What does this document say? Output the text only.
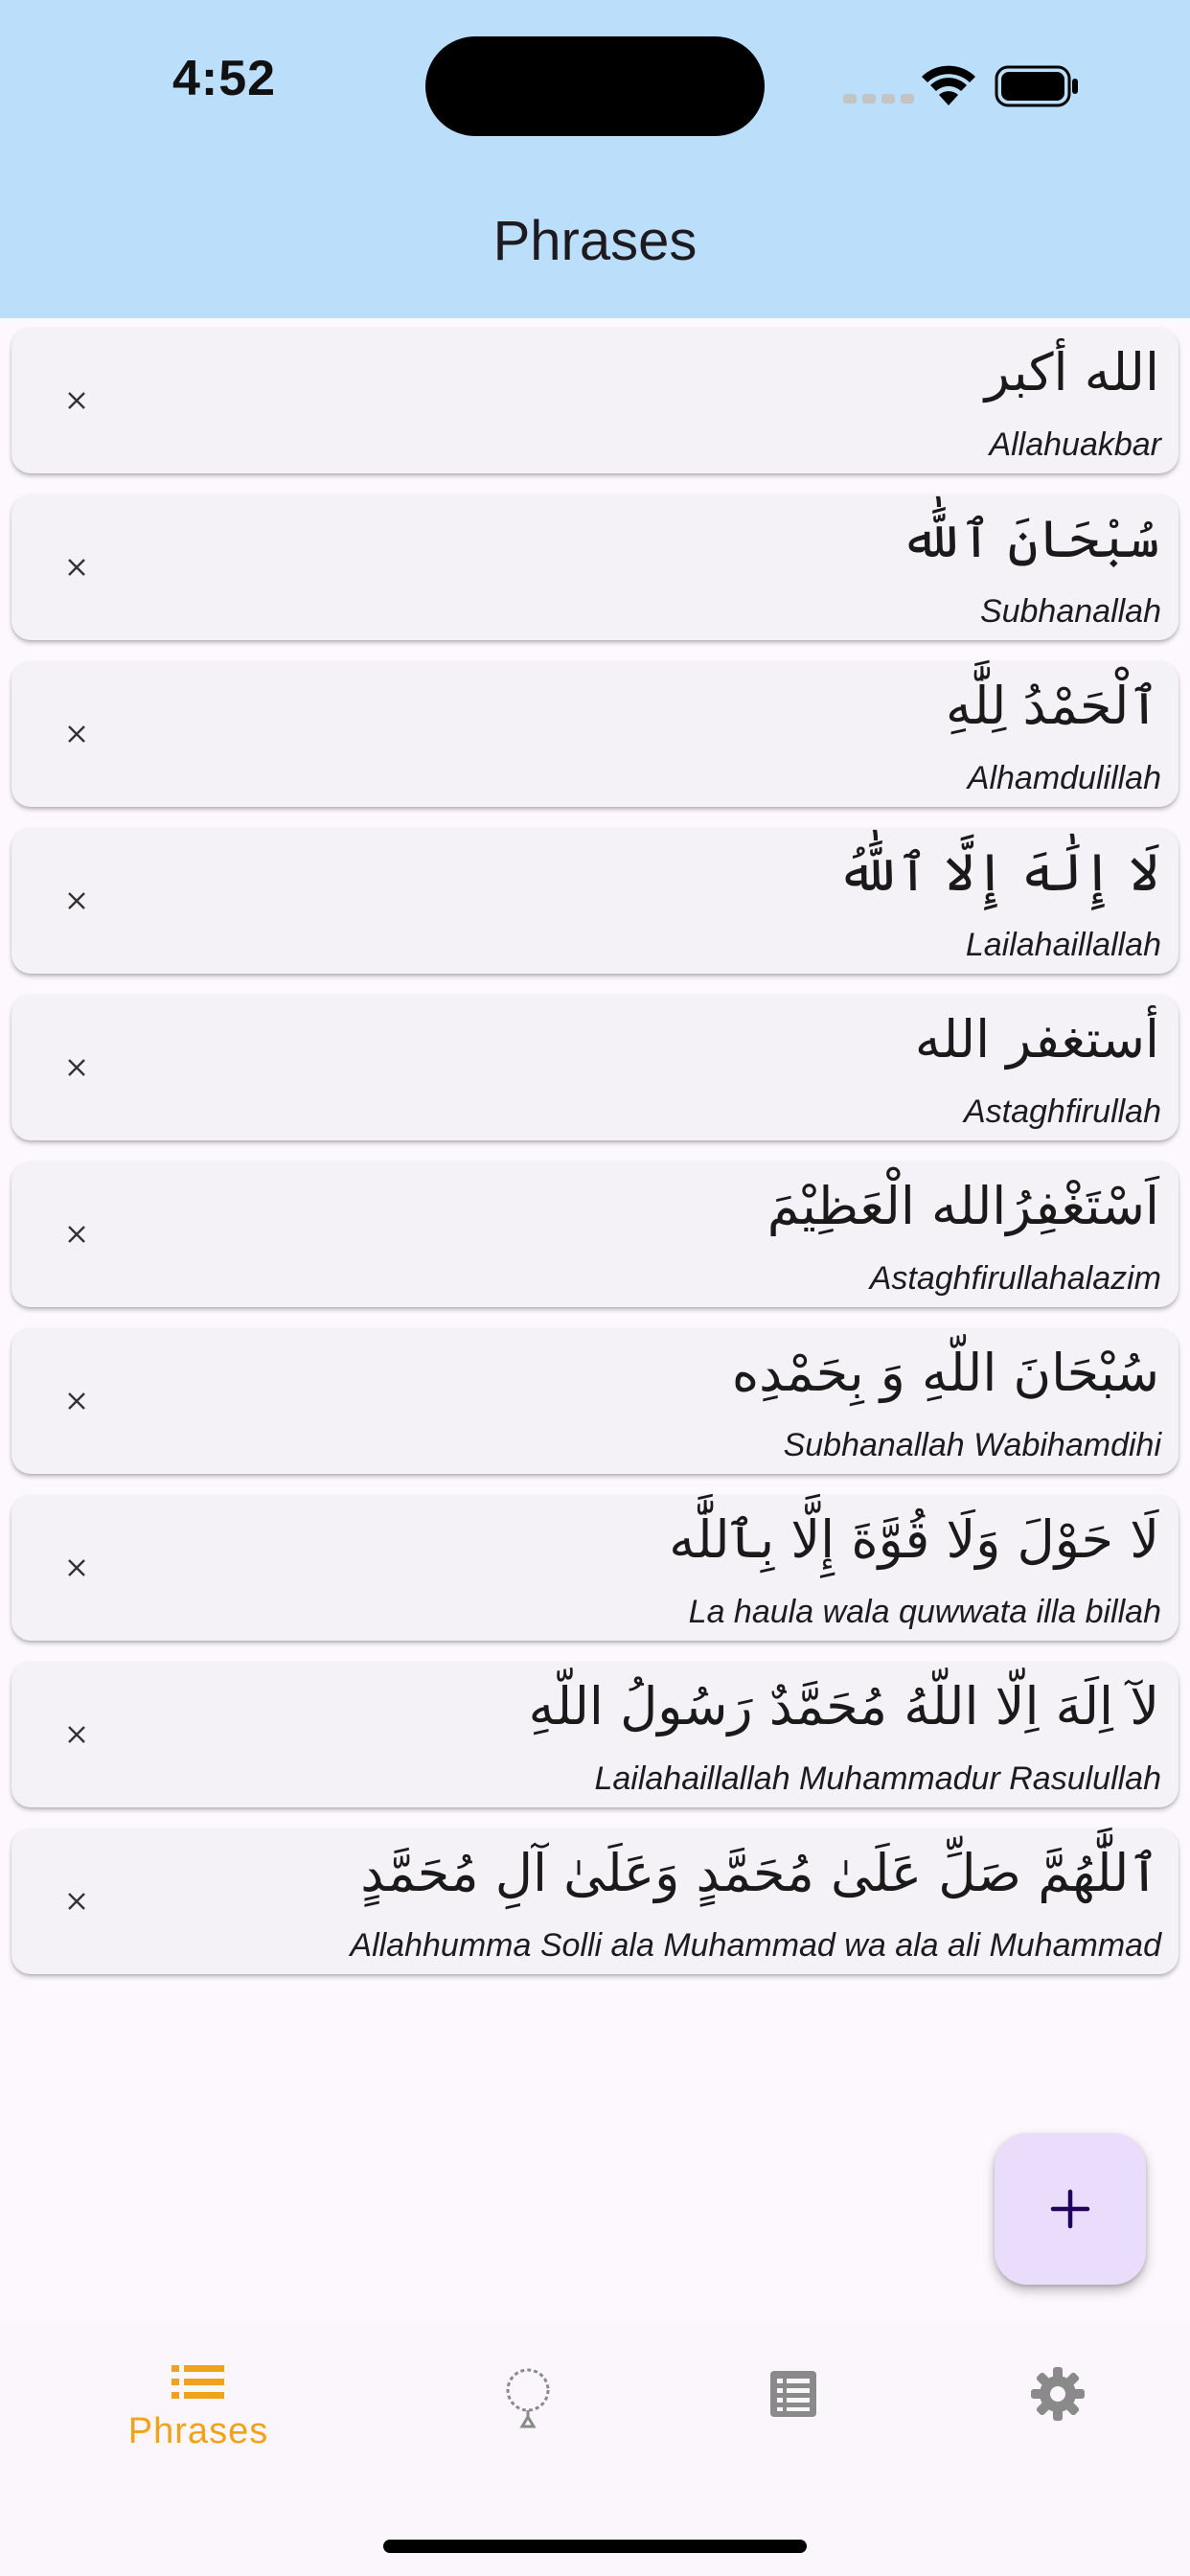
4:52
Phrases
الله أكبر
Allahuakbar
سُبْحَانَ ٱللَّٰه
Subhanallah
ٱلْحَمْدُ لِلَّٰهِ
Alhamdulillah
لَا إِلَٰهَ إِلَّا ٱللَّٰهُ
Lailahaillallah
أستغفر الله
Astaghfirullah
اَسْتَغْفِرُالله الْعَظِيْمَ
Astaghfirullahalazim
سُبْحَانَ اللّهِ وَ بِحَمْدِه
Subhanallah Wabihamdihi
لَا حَوْلَ وَلَا قُوَّةَ إِلَّا بِٱللَّٰه
La haula wala quwwata illa billah
لآ اِلَهَ اِلّا اللّهُ مُحَمَّدٌ رَسُولُ اللّهِ
Lailahaillallah Muhammadur Rasulullah
ٱللَّٰهُمَّ صَلِّ عَلَىٰ مُحَمَّدٍ وَعَلَىٰ آلِ مُحَمَّدٍ
Allahhumma Solli ala Muhammad wa ala ali Muhammad
Phrases
